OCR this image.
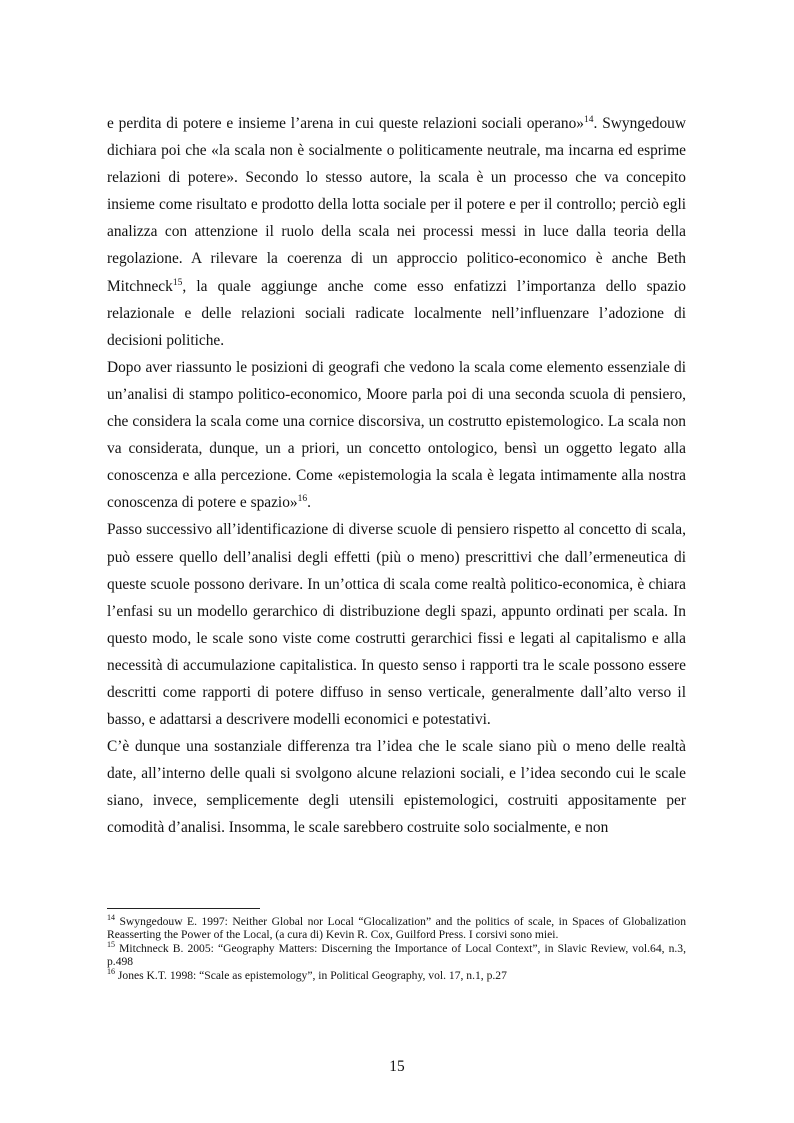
e perdita di potere e insieme l’arena in cui queste relazioni sociali operano»$^{14}$. Swyngedouw dichiara poi che «la scala non è socialmente o politicamente neutrale, ma incarna ed esprime relazioni di potere». Secondo lo stesso autore, la scala è un processo che va concepito insieme come risultato e prodotto della lotta sociale per il potere e per il controllo; perciò egli analizza con attenzione il ruolo della scala nei processi messi in luce dalla teoria della regolazione. A rilevare la coerenza di un approccio politico-economico è anche Beth Mitchneck$^{15}$, la quale aggiunge anche come esso enfatizzi l’importanza dello spazio relazionale e delle relazioni sociali radicate localmente nell’influenzare l’adozione di decisioni politiche.

Dopo aver riassunto le posizioni di geografi che vedono la scala come elemento essenziale di un’analisi di stampo politico-economico, Moore parla poi di una seconda scuola di pensiero, che considera la scala come una cornice discorsiva, un costrutto epistemologico. La scala non va considerata, dunque, un a priori, un concetto ontologico, bensì un oggetto legato alla conoscenza e alla percezione. Come «epistemologia la scala è legata intimamente alla nostra conoscenza di potere e spazio»$^{16}$.

Passo successivo all’identificazione di diverse scuole di pensiero rispetto al concetto di scala, può essere quello dell’analisi degli effetti (più o meno) prescrittivi che dall’ermeneutica di queste scuole possono derivare. In un’ottica di scala come realtà politico-economica, è chiara l’enfasi su un modello gerarchico di distribuzione degli spazi, appunto ordinati per scala. In questo modo, le scale sono viste come costrutti gerarchici fissi e legati al capitalismo e alla necessità di accumulazione capitalistica. In questo senso i rapporti tra le scale possono essere descritti come rapporti di potere diffuso in senso verticale, generalmente dall’alto verso il basso, e adattarsi a descrivere modelli economici e potestativi.

C’è dunque una sostanziale differenza tra l’idea che le scale siano più o meno delle realtà date, all’interno delle quali si svolgono alcune relazioni sociali, e l’idea secondo cui le scale siano, invece, semplicemente degli utensili epistemologici, costruiti appositamente per comodità d’analisi. Insomma, le scale sarebbero costruite solo socialmente, e non

$^{14}$ Swyngedouw E. 1997: Neither Global nor Local “Glocalization” and the politics of scale, in Spaces of Globalization Reasserting the Power of the Local, (a cura di) Kevin R. Cox, Guilford Press. I corsivi sono miei.

$^{15}$ Mitchneck B. 2005: “Geography Matters: Discerning the Importance of Local Context”, in Slavic Review, vol.64, n.3, p.498

$^{16}$ Jones K.T. 1998: “Scale as epistemology”, in Political Geography, vol. 17, n.1, p.27

15
